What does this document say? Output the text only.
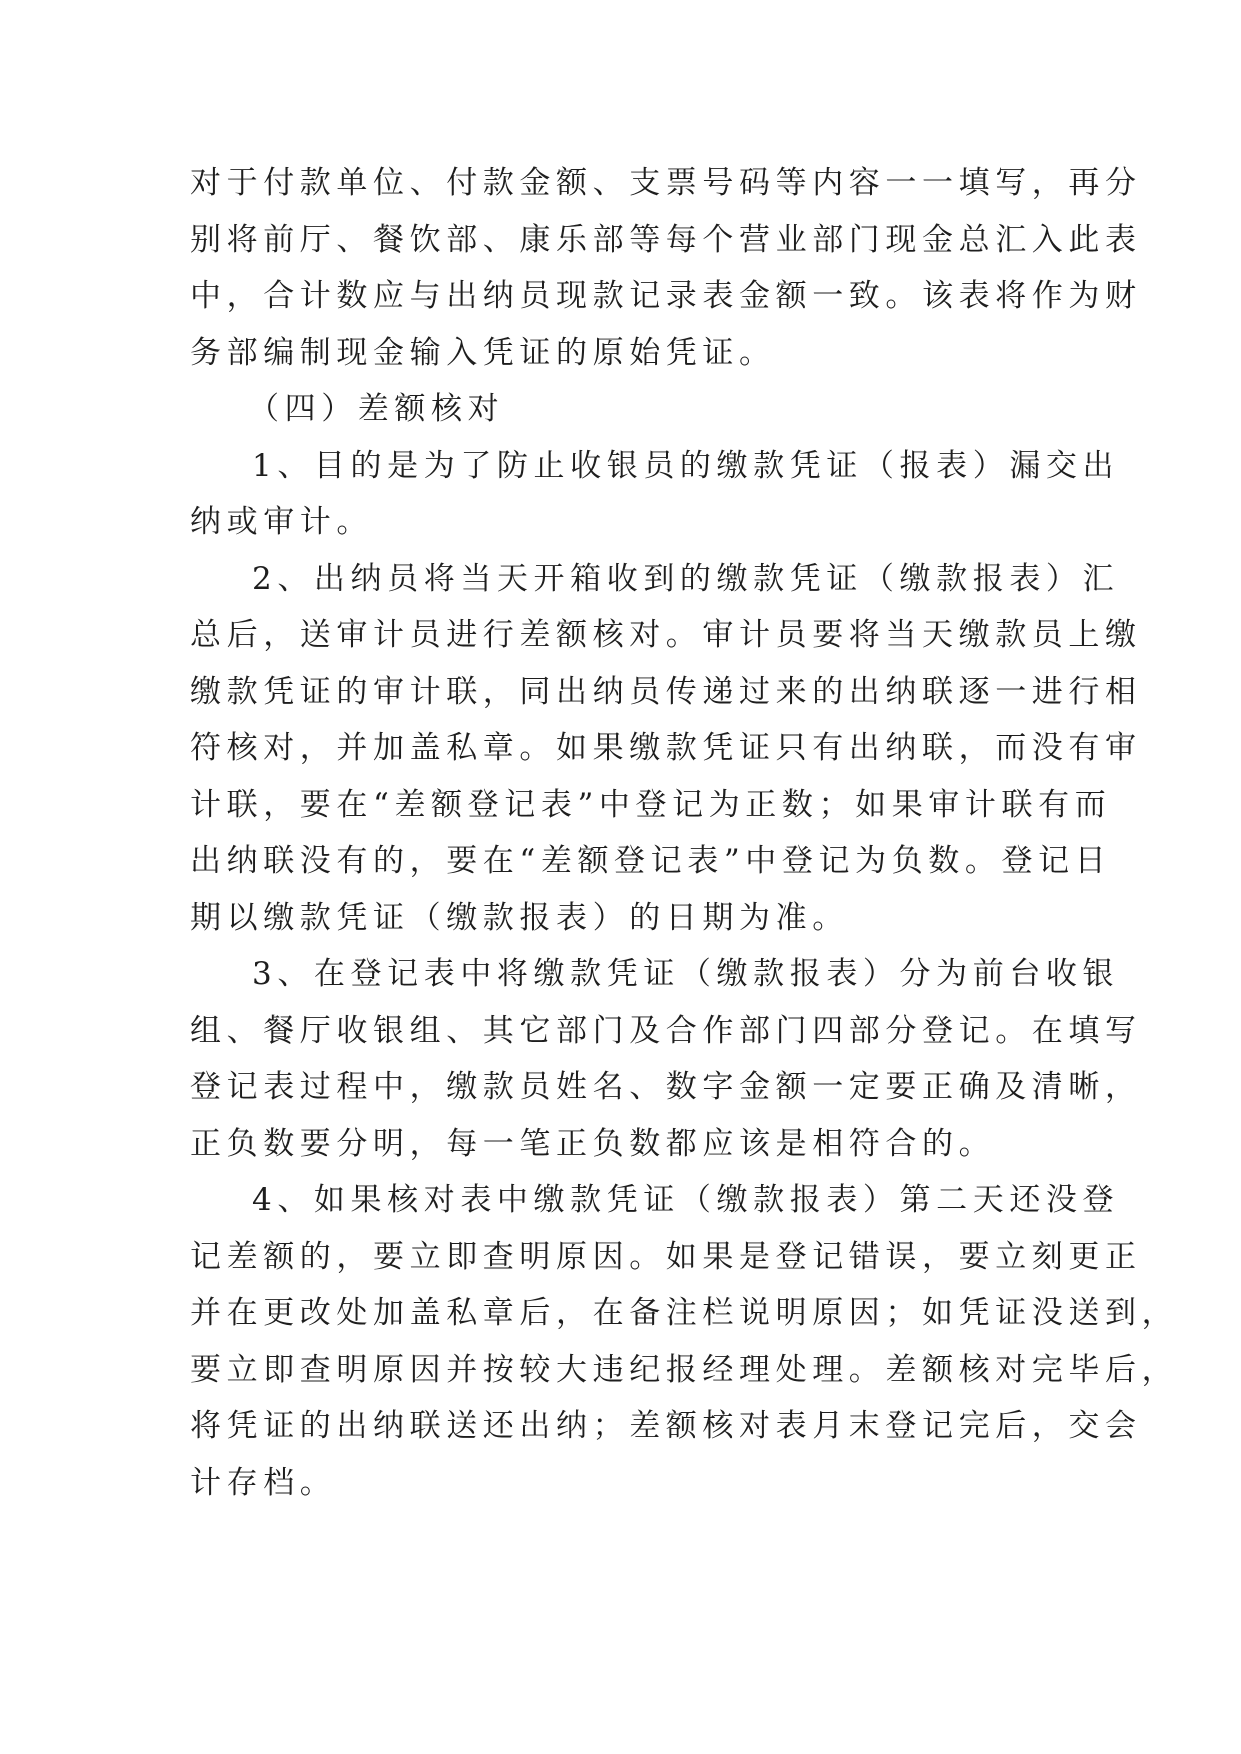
对于付款单位、付款金额、支票号码等内容一一填写，再分
别将前厅、餐饮部、康乐部等每个营业部门现金总汇入此表
中，合计数应与出纳员现款记录表金额一致。该表将作为财
务部编制现金输入凭证的原始凭证。
（四）差额核对
1、目的是为了防止收银员的缴款凭证（报表）漏交出
纳或审计。
2、出纳员将当天开箱收到的缴款凭证（缴款报表）汇
总后，送审计员进行差额核对。审计员要将当天缴款员上缴
缴款凭证的审计联，同出纳员传递过来的出纳联逐一进行相
符核对，并加盖私章。如果缴款凭证只有出纳联，而没有审
计联，要在“差额登记表”中登记为正数；如果审计联有而
出纳联没有的，要在“差额登记表”中登记为负数。登记日
期以缴款凭证（缴款报表）的日期为准。
3、在登记表中将缴款凭证（缴款报表）分为前台收银
组、餐厅收银组、其它部门及合作部门四部分登记。在填写
登记表过程中，缴款员姓名、数字金额一定要正确及清晰，
正负数要分明，每一笔正负数都应该是相符合的。
4、如果核对表中缴款凭证（缴款报表）第二天还没登
记差额的，要立即查明原因。如果是登记错误，要立刻更正
并在更改处加盖私章后，在备注栏说明原因；如凭证没送到，
要立即查明原因并按较大违纪报经理处理。差额核对完毕后，
将凭证的出纳联送还出纳；差额核对表月末登记完后，交会
计存档。
